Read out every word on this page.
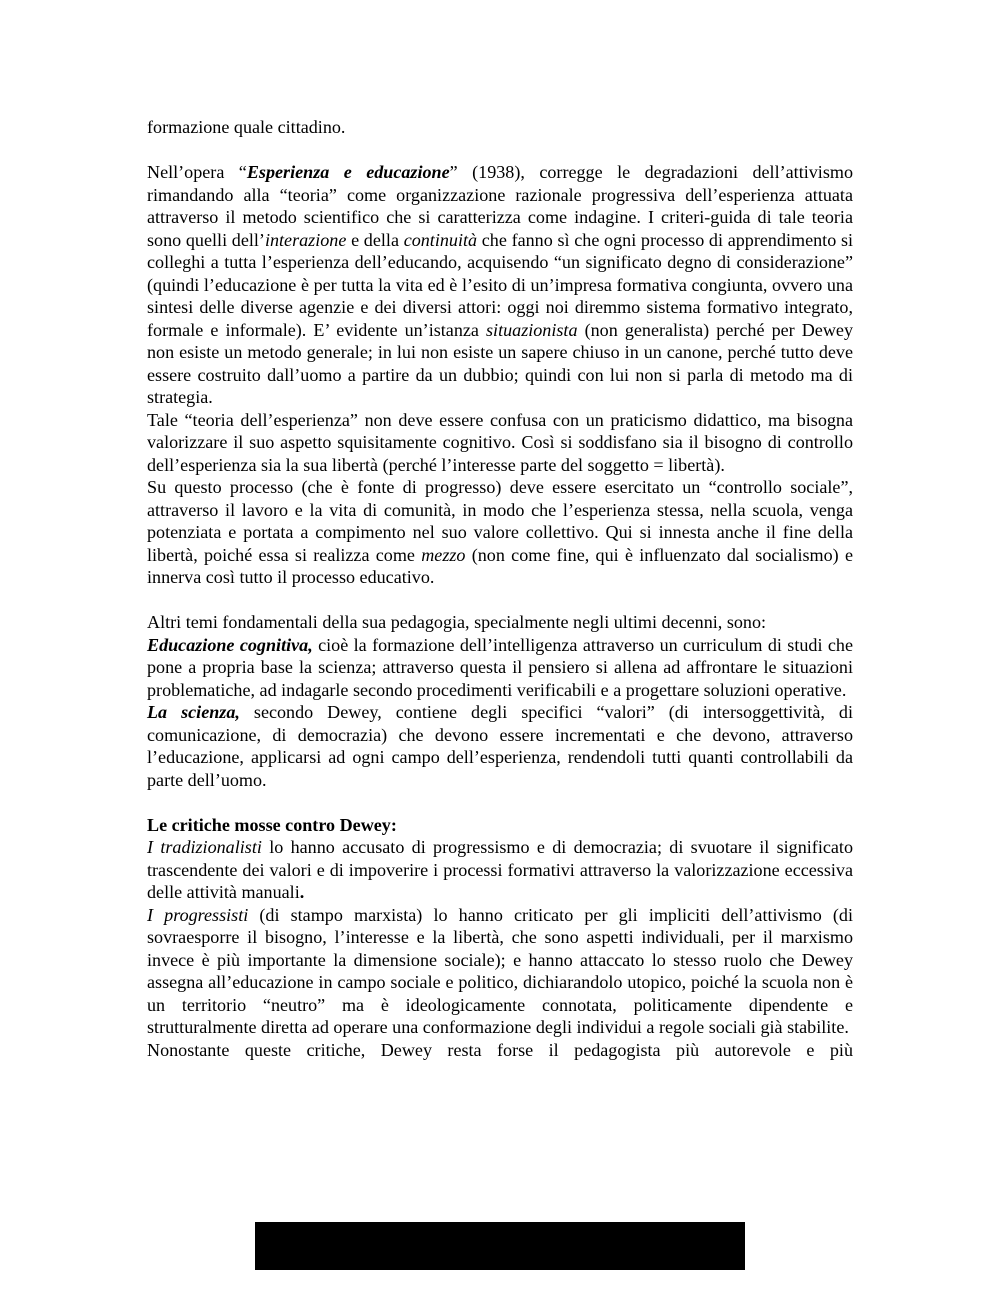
formazione quale cittadino.

Nell’opera “Esperienza e educazione” (1938), corregge le degradazioni dell’attivismo rimandando alla “teoria” come organizzazione razionale progressiva dell’esperienza attuata attraverso il metodo scientifico che si caratterizza come indagine. I criteri-guida di tale teoria sono quelli dell’interazione e della continuità che fanno sì che ogni processo di apprendimento si colleghi a tutta l’esperienza dell’educando, acquisendo “un significato degno di considerazione” (quindi l’educazione è per tutta la vita ed è l’esito di un’impresa formativa congiunta, ovvero una sintesi delle diverse agenzie e dei diversi attori: oggi noi diremmo sistema formativo integrato, formale e informale). E’ evidente un’istanza situazionista (non generalista) perché per Dewey non esiste un metodo generale; in lui non esiste un sapere chiuso in un canone, perché tutto deve essere costruito dall’uomo a partire da un dubbio; quindi con lui non si parla di metodo ma di strategia.

Tale “teoria dell’esperienza” non deve essere confusa con un praticismo didattico, ma bisogna valorizzare il suo aspetto squisitamente cognitivo. Così si soddisfano sia il bisogno di controllo dell’esperienza sia la sua libertà (perché l’interesse parte del soggetto = libertà).

Su questo processo (che è fonte di progresso) deve essere esercitato un “controllo sociale”, attraverso il lavoro e la vita di comunità, in modo che l’esperienza stessa, nella scuola, venga potenziata e portata a compimento nel suo valore collettivo. Qui si innesta anche il fine della libertà, poiché essa si realizza come mezzo (non come fine, qui è influenzato dal socialismo) e innerva così tutto il processo educativo.

Altri temi fondamentali della sua pedagogia, specialmente negli ultimi decenni, sono:

Educazione cognitiva, cioè la formazione dell’intelligenza attraverso un curriculum di studi che pone a propria base la scienza; attraverso questa il pensiero si allena ad affrontare le situazioni problematiche, ad indagarle secondo procedimenti verificabili e a progettare soluzioni operative.

La scienza, secondo Dewey, contiene degli specifici “valori” (di intersoggettività, di comunicazione, di democrazia) che devono essere incrementati e che devono, attraverso l’educazione, applicarsi ad ogni campo dell’esperienza, rendendoli tutti quanti controllabili da parte dell’uomo.

Le critiche mosse contro Dewey:

I tradizionalisti lo hanno accusato di progressismo e di democrazia; di svuotare il significato trascendente dei valori e di impoverire i processi formativi attraverso la valorizzazione eccessiva delle attività manuali.

I progressisti (di stampo marxista) lo hanno criticato per gli impliciti dell’attivismo (di sovraesporre il bisogno, l’interesse e la libertà, che sono aspetti individuali, per il marxismo invece è più importante la dimensione sociale); e hanno attaccato lo stesso ruolo che Dewey assegna all’educazione in campo sociale e politico, dichiarandolo utopico, poiché la scuola non è un territorio “neutro” ma è ideologicamente connotata, politicamente dipendente e strutturalmente diretta ad operare una conformazione degli individui a regole sociali già stabilite.

Nonostante queste critiche, Dewey resta forse il pedagogista più autorevole e più
